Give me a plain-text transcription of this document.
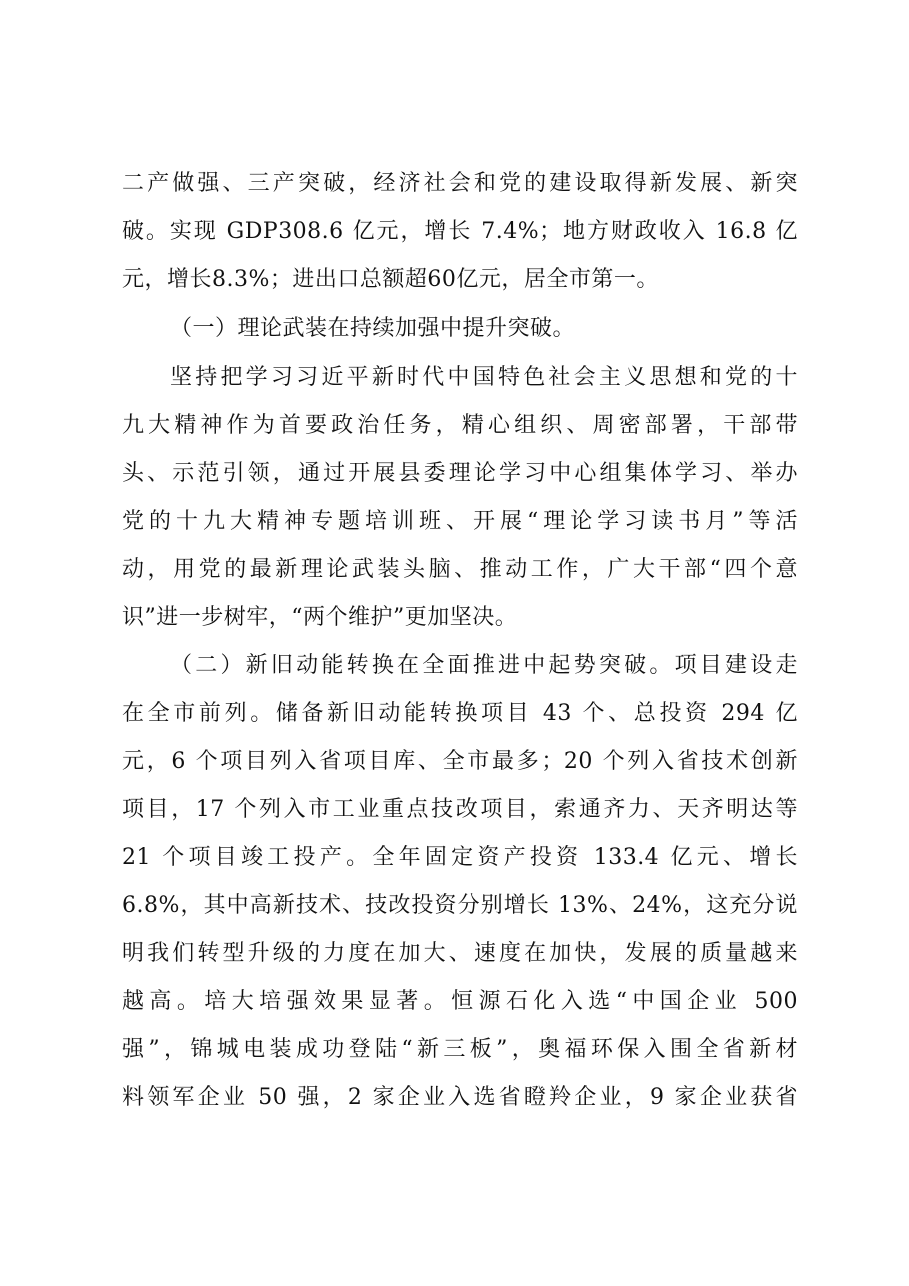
二产做强、三产突破，经济社会和党的建设取得新发展、新突
破。实现 GDP308.6 亿元，增长 7.4%；地方财政收入 16.8 亿
元，增长8.3%；进出口总额超60亿元，居全市第一。
（一）理论武装在持续加强中提升突破。
坚持把学习习近平新时代中国特色社会主义思想和党的十
九大精神作为首要政治任务，精心组织、周密部署，干部带
头、示范引领，通过开展县委理论学习中心组集体学习、举办
党的十九大精神专题培训班、开展“理论学习读书月”等活
动，用党的最新理论武装头脑、推动工作，广大干部“四个意
识”进一步树牢，“两个维护”更加坚决。
（二）新旧动能转换在全面推进中起势突破。项目建设走
在全市前列。储备新旧动能转换项目 43 个、总投资 294 亿
元，6 个项目列入省项目库、全市最多；20 个列入省技术创新
项目，17 个列入市工业重点技改项目，索通齐力、天齐明达等
21 个项目竣工投产。全年固定资产投资 133.4 亿元、增长
6.8%，其中高新技术、技改投资分别增长 13%、24%，这充分说
明我们转型升级的力度在加大、速度在加快，发展的质量越来
越高。培大培强效果显著。恒源石化入选“中国企业 500
强”，锦城电装成功登陆“新三板”，奥福环保入围全省新材
料领军企业 50 强，2 家企业入选省瞪羚企业，9 家企业获省
